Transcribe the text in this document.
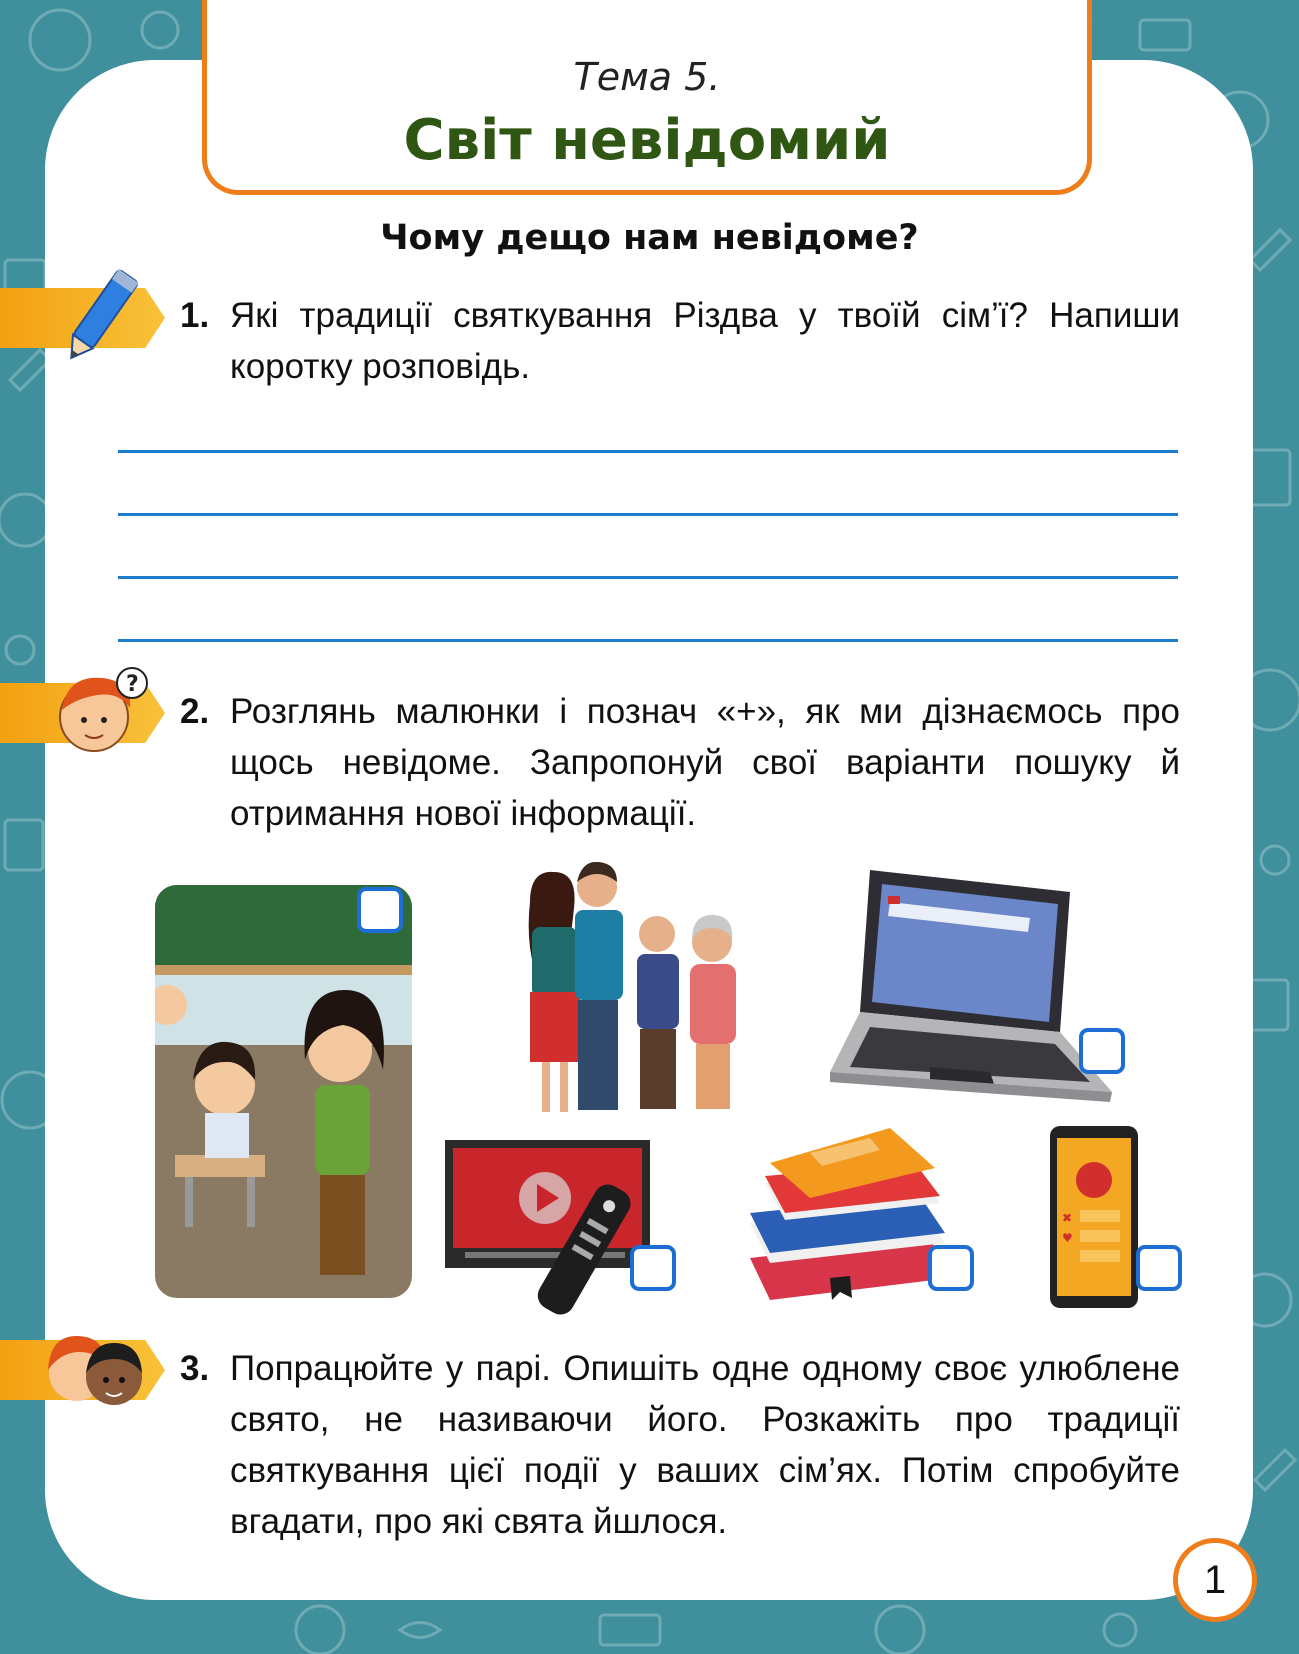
Тема 5.
Світ невідомий
Чому дещо нам невідоме?
1. Які традиції святкування Різдва у твоїй сім’ї? Напиши коротку розповідь.
?
2. Розглянь малюнки і познач «+», як ми дізнаємось про щось невідоме. Запропонуй свої варіанти пошуку й отримання нової інформації.
✖
♥
3. Попрацюйте у парі. Опишіть одне одному своє улюблене свято, не називаючи його. Розкажіть про традиції святкування цієї події у ваших сім’ях. Потім спробуйте вгадати, про які свята йшлося.
1
